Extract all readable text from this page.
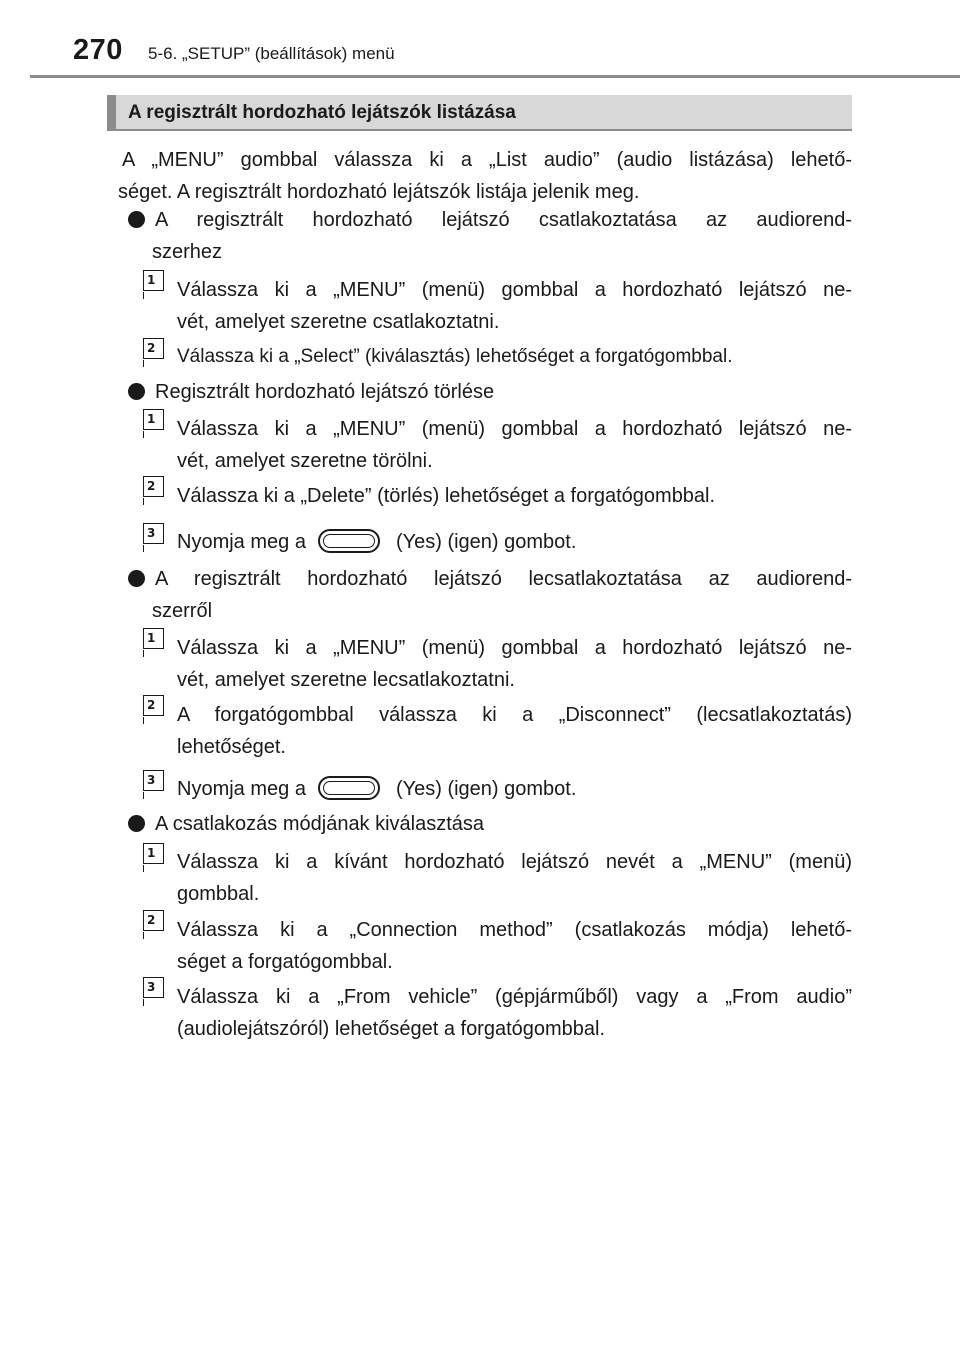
270 5-6. „SETUP” (beállítások) menü
A regisztrált hordozható lejátszók listázása
A „MENU” gombbal válassza ki a „List audio” (audio listázása) lehető-
séget. A regisztrált hordozható lejátszók listája jelenik meg.
A regisztrált hordozható lejátszó csatlakoztatása az audiorend-
szerhez
1	Válassza ki a „MENU” (menü) gombbal a hordozható lejátszó ne-
vét, amelyet szeretne csatlakoztatni.
2	Válassza ki a „Select” (kiválasztás) lehetőséget a forgatógombbal.
Regisztrált hordozható lejátszó törlése
1	Válassza ki a „MENU” (menü) gombbal a hordozható lejátszó ne-
vét, amelyet szeretne törölni.
2	Válassza ki a „Delete” (törlés) lehetőséget a forgatógombbal.
3	Nyomja meg a	(Yes) (igen) gombot.
A regisztrált hordozható lejátszó lecsatlakoztatása az audiorend-
szerről
1	Válassza ki a „MENU” (menü) gombbal a hordozható lejátszó ne-
vét, amelyet szeretne lecsatlakoztatni.
2	A forgatógombbal válassza ki a „Disconnect” (lecsatlakoztatás)
lehetőséget.
3	Nyomja meg a	(Yes) (igen) gombot.
A csatlakozás módjának kiválasztása
1	Válassza ki a kívánt hordozható lejátszó nevét a „MENU” (menü)
gombbal.
2	Válassza ki a „Connection method” (csatlakozás módja) lehető-
séget a forgatógombbal.
3	Válassza ki a „From vehicle” (gépjárműből) vagy a „From audio”
(audiolejátszóról) lehetőséget a forgatógombbal.
